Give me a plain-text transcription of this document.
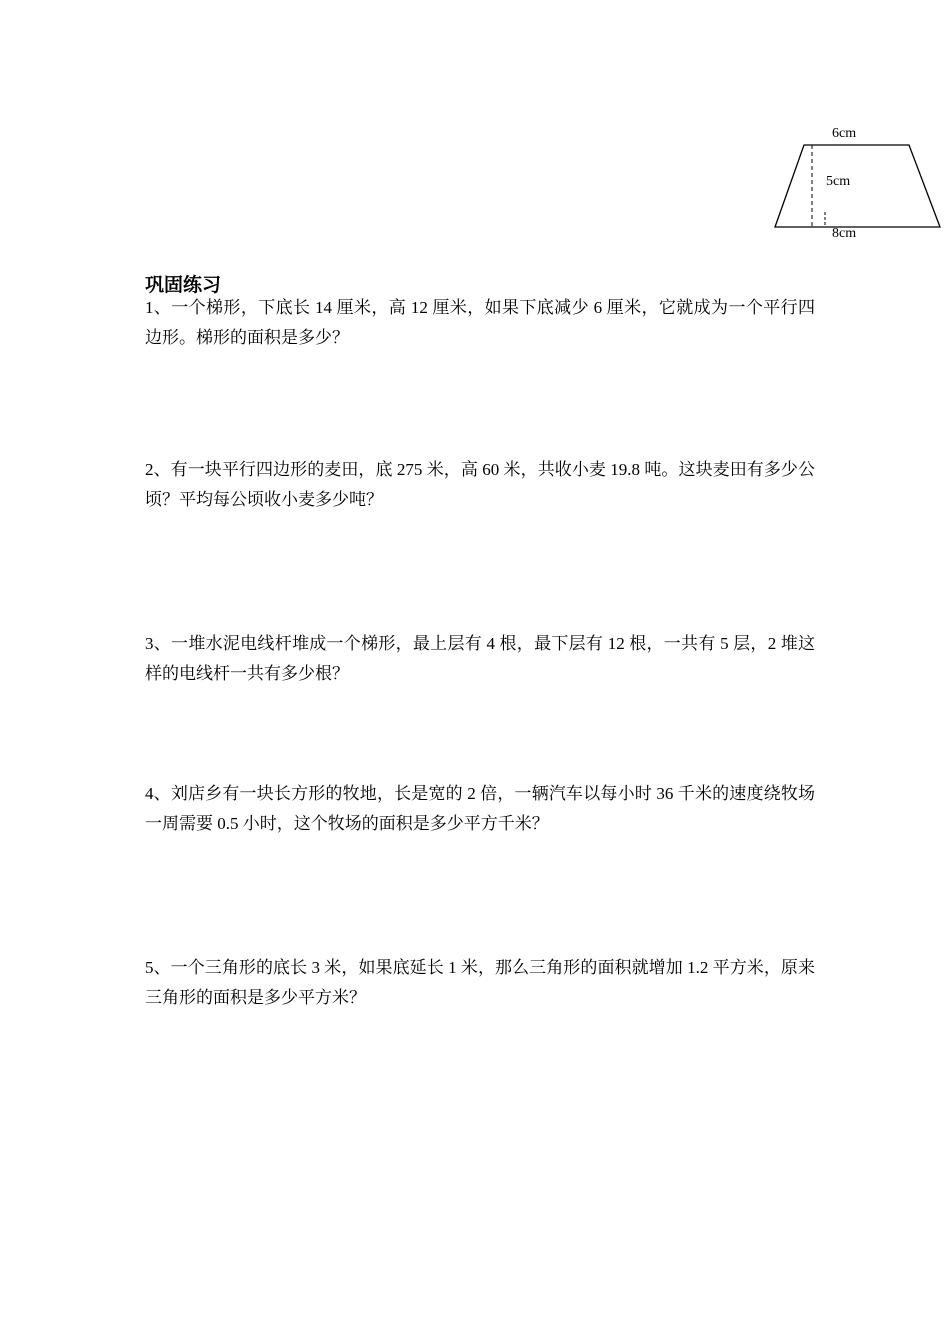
6cm
5cm
8cm
巩固练习
1、一个梯形，下底长 14 厘米，高 12 厘米，如果下底减少 6 厘米，它就成为一个平行四边形。梯形的面积是多少？
2、有一块平行四边形的麦田，底 275 米，高 60 米，共收小麦 19.8 吨。这块麦田有多少公顷？平均每公顷收小麦多少吨？
3、一堆水泥电线杆堆成一个梯形，最上层有 4 根，最下层有 12 根，一共有 5 层，2 堆这样的电线杆一共有多少根？
4、刘店乡有一块长方形的牧地，长是宽的 2 倍，一辆汽车以每小时 36 千米的速度绕牧场一周需要 0.5 小时，这个牧场的面积是多少平方千米？
5、一个三角形的底长 3 米，如果底延长 1 米，那么三角形的面积就增加 1.2 平方米，原来三角形的面积是多少平方米？
